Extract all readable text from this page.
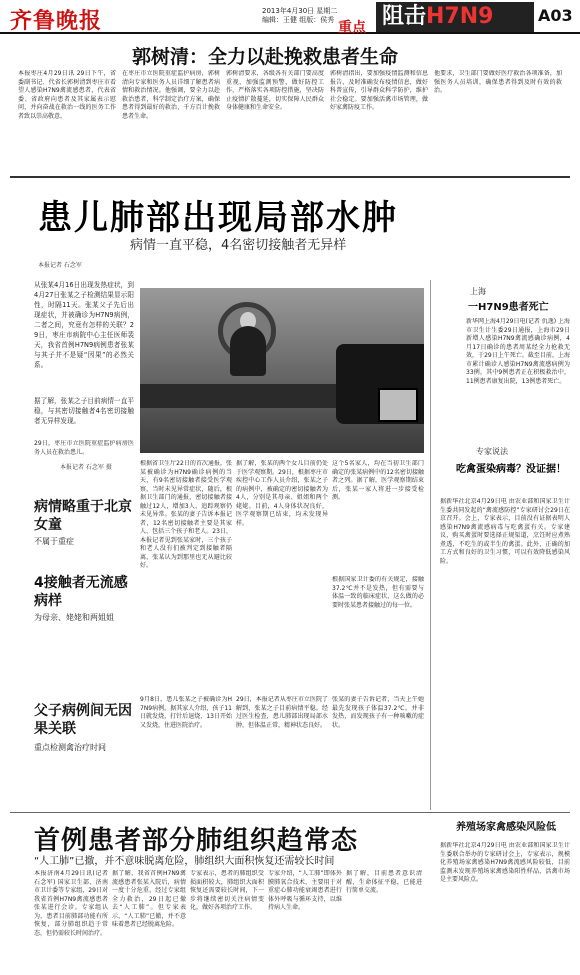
齐鲁晚报	2013年4月30日 星期二
编辑：王健 组版：侯秀 重点 阻击H7N9	A03
郭树清：全力以赴挽救患者生命
本报枣庄4月29日讯 29日下午，省委副书记、代省长郭树清到枣庄市看望人感染H7N9禽流感患者，代表省委、省政府向患者及其家属表示慰问，并向奋战在救治一线的医务工作者致以崇高敬意。
在枣庄市立医院重症监护病房，郭树清向专家和医务人员详细了解患者病情和救治情况。他强调，要全力以赴救治患者，科学制定治疗方案，确保患者得到最好的救治，千方百计挽救患者生命。
郭树清要求，各级各有关部门要高度重视，加强监测预警，做好防控工作，严格落实各项防控措施，坚决防止疫情扩散蔓延，切实保障人民群众身体健康和生命安全。
郭树清指出，要加强疫情监测和信息报告，及时准确发布疫情信息，做好科普宣传，引导群众科学防护，维护社会稳定。要加强活禽市场管理，做好家禽防疫工作。
他要求，卫生部门要做好医疗救治各项准备，加强医务人员培训，确保患者得到及时有效的救治。
患儿肺部出现局部水肿
病情一直平稳，4名密切接触者无异样
本报记者 石念军
从张某4月16日出现发热症状，到4月27日张某之子检测结果显示阳性，时隔11天。张某父子先后出现症状，并被确诊为H7N9病例，二者之间，究竟有怎样的关联？29日，枣庄市病院中心主任医师裴天，我省首例H7N9病例患者张某与其子并不是疑“因果”的必然关系。
据了解，张某之子目前病情一直平稳，与其密切接触者4名密切接触者无异样发现。
29日，枣庄市立医院重症监护病房医务人员在救治患儿。
本报记者 石念军 摄
根据省卫生厅22日的首次通报，张某被确诊为H7N9确诊病例的当天，有9名密切接触者接受医学观察，当时未见异常症状，随后，根据卫生部门的通报，密切接触者接触过12人，增加3人，追踪观察仍未见异常。张某的妻子告诉本报记者，12名密切接触者主要是其家人、包括三个孩子和老人。23日，本报记者见到张某家时，三个孩子和老人没有们被判定到接触者隔离，张某认为到那里也无从避比较好。
据了解，张某的两个女儿目前仍处于医学观察期。29日，根据枣庄市疾控中心工作人员介绍，张某之子的病例中，被确定的密切接触者为4人，分别是其母亲、姐姐和两个姥姥。目前，4人身体状况良好，医学观察期已结束，均未发现异样。
这个5名家人，均在当初卫生部门确定的张某病例中的12名密切接触者之列。据了解，医学观察期结束后，张某一家人将进一步接受检测。
根据国家卫计委的有关规定，接触37.2℃并不是发热，但有需要与体温一致的临床症状，这么做的必要时张某患者接触过的每一位。
9月8日，患儿张某之子被确诊为H7N9病例。据其家人介绍，孩子11日就发烧，打针后退烧，13日开始又发烧，住进医院治疗。
29日，本报记者从枣庄市立医院了解到，张某之子目前病情平稳。经过医生检查，患儿肺部出现局部水肿，但体温正常，精神状态良好。
张某的妻子告诉记者，当天上午她最先发现孩子体温37.2℃。并非发热，而发现孩子有一种咳嗽的症状。
病情略重于北京女童
不属于重症
4接触者无流感病样
为母亲、姥姥和两姐姐
父子病例间无因果关联
重点检测禽治疗时间
上海
一H7N9患者死亡
新华网上海4月29日电(记者 仇逸) 上海市卫生计生委29日通报，上海市29日新增人感染H7N9禽流感确诊病例，4月17日确诊的患者周某经全力抢救无效，于29日上午死亡。截至目前，上海市累计确诊人感染H7N9禽流感病例为33例，其中9例患者正在积极救治中，11例患者康复出院，13例患者死亡。
专家说法
吃禽蛋染病毒？没证据！
据新华社北京4月29日电 由农业部和国家卫生计生委共同发起的“禽流感防控”专家研讨会29日在京召开。会上，专家表示，目前没有证据表明人感染H7N9禽流感病毒与吃禽蛋有关。专家建议，购买禽蛋时要选择正规渠道，烹饪时应煮熟煮透，不吃生的或半生的禽蛋。此外，正确的加工方式和良好的卫生习惯，可以有效降低感染风险。
首例患者部分肺组织趋常态
“人工肺”已撤，并不意味脱离危险，肺组织大面积恢复还需较长时间
本报济南4月29日讯(记者 石念军) 国家卫生部、济南市卫计委等专家组，29日对我省首例H7N9禽流感患者张某进行会诊。专家组认为，患者目前肺部功能有所恢复，部分肺组织趋于常态，但仍需较长时间治疗。
据了解，我省首例H7N9禽流感患者张某入院后，病情一度十分危重，经过专家组全力救治，29日起已撤去“人工肺”。但专家表示，“人工肺”已撤，并不意味着患者已经脱离危险。
专家表示，患者的肺组织受损面积较大，肺组织大面积恢复还需要较长时间，下一步将继续密切关注病情变化，做好各项治疗工作。
专家介绍，“人工肺”即体外膜肺氧合技术，主要用于对重症心肺功能衰竭患者进行体外呼吸与循环支持，以维持病人生命。
据了解，目前患者意识清醒，生命体征平稳，已能进行简单交流。
养殖场家禽感染风险低
据新华社北京4月29日电 由农业部和国家卫生计生委联合举办的专家研讨会上，专家表示，规模化养殖场家禽感染H7N9禽流感风险较低，目前监测未发现养殖场家禽感染阳性样品，活禽市场是主要风险点。
